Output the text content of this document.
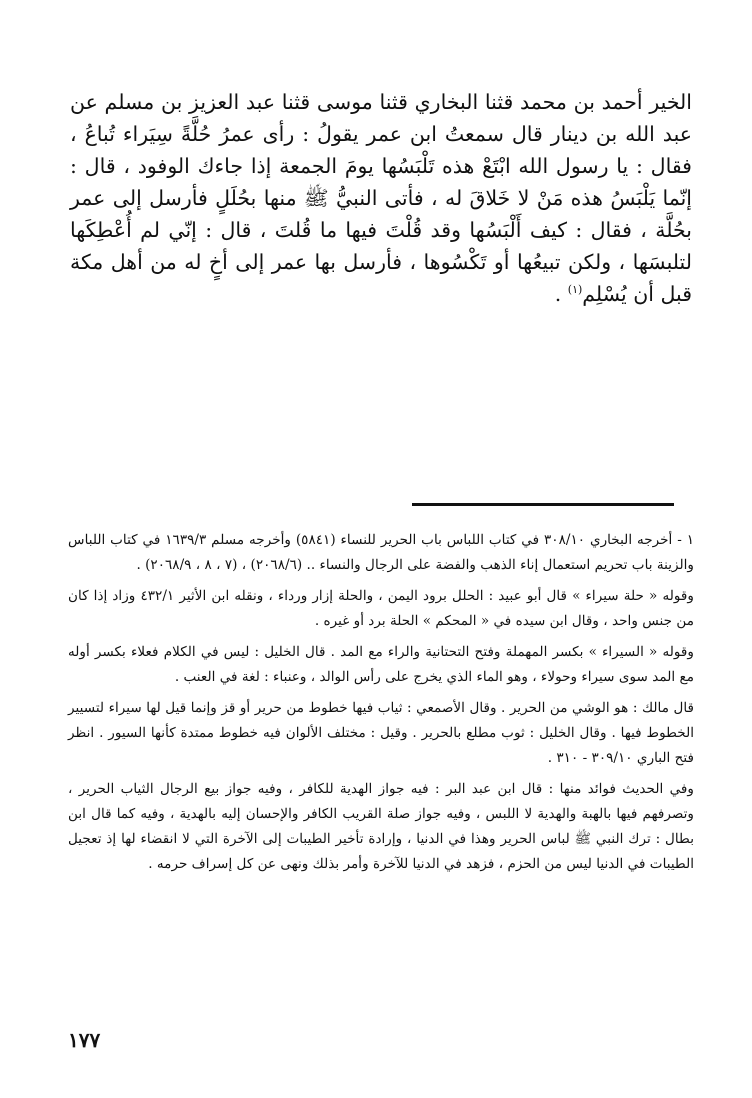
الخير أحمد بن محمد قثنا البخاري قثنا موسى قثنا عبد العزيز بن مسلم عن عبد الله بن دينار قال سمعتُ ابن عمر يقولُ : رأى عمرُ حُلَّةً سِيَراء تُباعُ ، فقال : يا رسول الله ابْتَعْ هذه تَلْبَسُها يومَ الجمعة إذا جاءك الوفود ، قال : إنّما يَلْبَسُ هذه مَنْ لا خَلاقَ له ، فأتى النبيُّ ﷺ منها بحُلَلٍ فأرسل إلى عمر بحُلَّة ، فقال : كيف أَلْبَسُها وقد قُلْتَ فيها ما قُلتَ ، قال : إنّي لم أُعْطِكَها لتلبسَها ، ولكن تبيعُها أو تَكْسُوها ، فأرسل بها عمر إلى أخٍ له من أهل مكة قبل أن يُسْلِم$^{(١)}$ .

١ - أخرجه البخاري ٣٠٨/١٠ في كتاب اللباس باب الحرير للنساء (٥٨٤١) وأخرجه مسلم ١٦٣٩/٣ في كتاب اللباس والزينة باب تحريم استعمال إناء الذهب والفضة على الرجال والنساء .. (٢٠٦٨/٦) ، (٧ ، ٨ ، ٢٠٦٨/٩) .

وقوله « حلة سيراء » قال أبو عبيد : الحلل برود اليمن ، والحلة إزار ورداء ، ونقله ابن الأثير ٤٣٢/١ وزاد إذا كان من جنس واحد ، وقال ابن سيده في « المحكم » الحلة برد أو غيره .

وقوله « السيراء » بكسر المهملة وفتح التحتانية والراء مع المد . قال الخليل : ليس في الكلام فعلاء بكسر أوله مع المد سوى سيراء وحولاء ، وهو الماء الذي يخرج على رأس الوالد ، وعنباء : لغة في العنب .

قال مالك : هو الوشي من الحرير . وقال الأصمعي : ثياب فيها خطوط من حرير أو قز وإنما قيل لها سيراء لتسيير الخطوط فيها . وقال الخليل : ثوب مطلع بالحرير . وقيل : مختلف الألوان فيه خطوط ممتدة كأنها السيور . انظر فتح الباري ٣٠٩/١٠ - ٣١٠ .

وفي الحديث فوائد منها : قال ابن عبد البر : فيه جواز الهدية للكافر ، وفيه جواز بيع الرجال الثياب الحرير ، وتصرفهم فيها بالهبة والهدية لا اللبس ، وفيه جواز صلة القريب الكافر والإحسان إليه بالهدية ، وفيه كما قال ابن بطال : ترك النبي ﷺ لباس الحرير وهذا في الدنيا ، وإرادة تأخير الطيبات إلى الآخرة التي لا انقضاء لها إذ تعجيل الطيبات في الدنيا ليس من الحزم ، فزهد في الدنيا للآخرة وأمر بذلك ونهى عن كل إسراف حرمه .

١٧٧
